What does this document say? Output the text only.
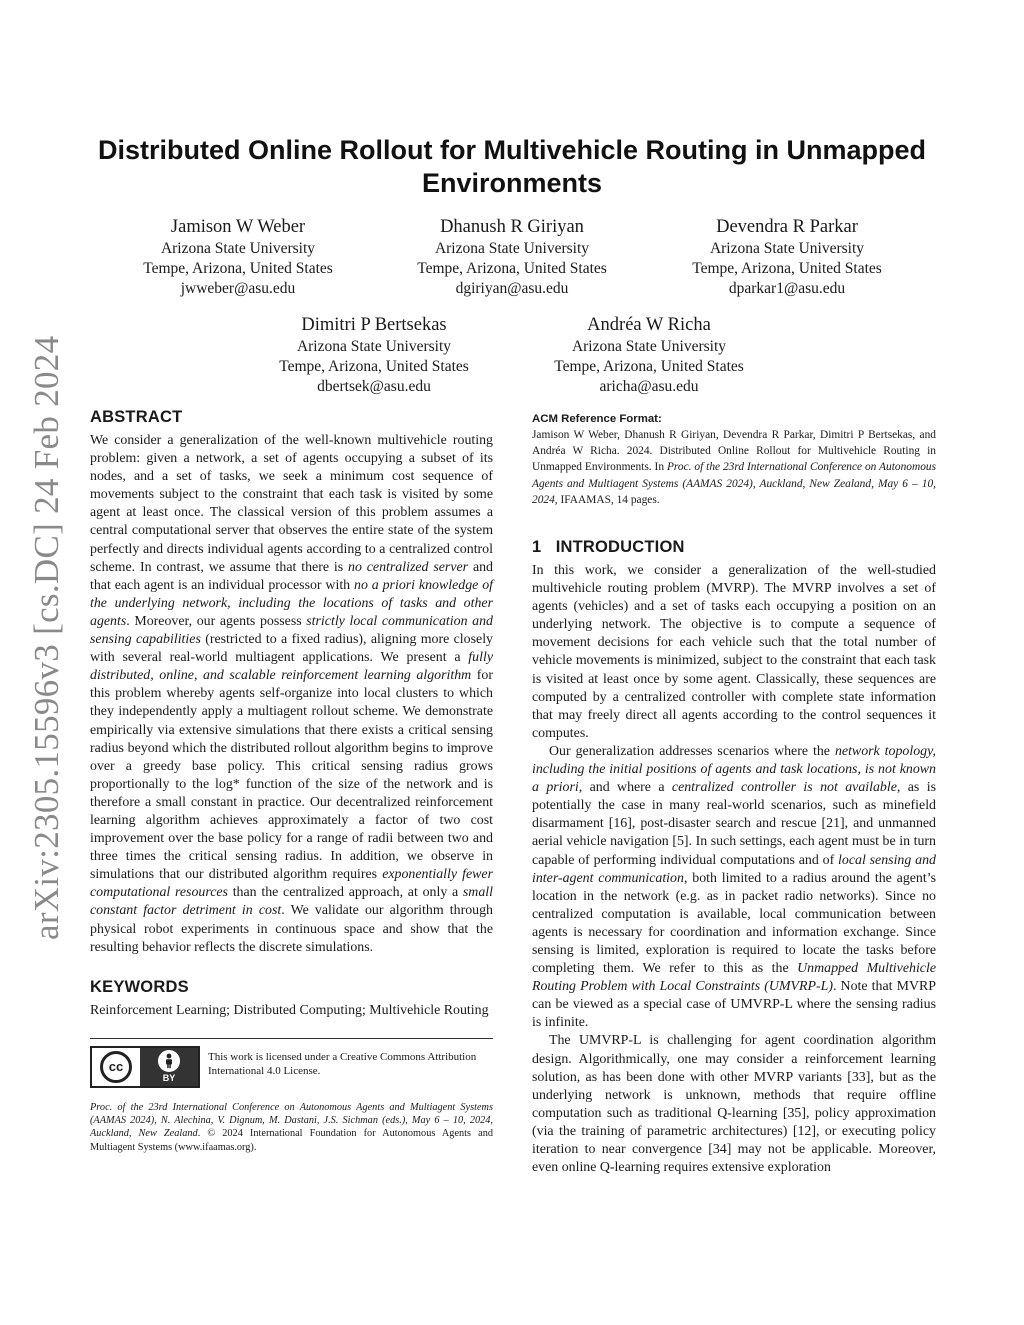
arXiv:2305.15596v3 [cs.DC] 24 Feb 2024
Distributed Online Rollout for Multivehicle Routing in Unmapped Environments
Jamison W Weber
Arizona State University
Tempe, Arizona, United States
jwweber@asu.edu
Dhanush R Giriyan
Arizona State University
Tempe, Arizona, United States
dgiriyan@asu.edu
Devendra R Parkar
Arizona State University
Tempe, Arizona, United States
dparkar1@asu.edu
Dimitri P Bertsekas
Arizona State University
Tempe, Arizona, United States
dbertsek@asu.edu
Andréa W Richa
Arizona State University
Tempe, Arizona, United States
aricha@asu.edu
ABSTRACT

We consider a generalization of the well-known multivehicle routing problem: given a network, a set of agents occupying a subset of its nodes, and a set of tasks, we seek a minimum cost sequence of movements subject to the constraint that each task is visited by some agent at least once. The classical version of this problem assumes a central computational server that observes the entire state of the system perfectly and directs individual agents according to a centralized control scheme. In contrast, we assume that there is no centralized server and that each agent is an individual processor with no a priori knowledge of the underlying network, including the locations of tasks and other agents. Moreover, our agents possess strictly local communication and sensing capabilities (restricted to a fixed radius), aligning more closely with several real-world multiagent applications. We present a fully distributed, online, and scalable reinforcement learning algorithm for this problem whereby agents self-organize into local clusters to which they independently apply a multiagent rollout scheme. We demonstrate empirically via extensive simulations that there exists a critical sensing radius beyond which the distributed rollout algorithm begins to improve over a greedy base policy. This critical sensing radius grows proportionally to the log* function of the size of the network and is therefore a small constant in practice. Our decentralized reinforcement learning algorithm achieves approximately a factor of two cost improvement over the base policy for a range of radii between two and three times the critical sensing radius. In addition, we observe in simulations that our distributed algorithm requires exponentially fewer computational resources than the centralized approach, at only a small constant factor detriment in cost. We validate our algorithm through physical robot experiments in continuous space and show that the resulting behavior reflects the discrete simulations.

KEYWORDS

Reinforcement Learning; Distributed Computing; Multivehicle Routing

cc
BY

This work is licensed under a Creative Commons Attribution International 4.0 License.

Proc. of the 23rd International Conference on Autonomous Agents and Multiagent Systems (AAMAS 2024), N. Alechina, V. Dignum, M. Dastani, J.S. Sichman (eds.), May 6 – 10, 2024, Auckland, New Zealand. © 2024 International Foundation for Autonomous Agents and Multiagent Systems (www.ifaamas.org).

ACM Reference Format:

Jamison W Weber, Dhanush R Giriyan, Devendra R Parkar, Dimitri P Bertsekas, and Andréa W Richa. 2024. Distributed Online Rollout for Multivehicle Routing in Unmapped Environments. In Proc. of the 23rd International Conference on Autonomous Agents and Multiagent Systems (AAMAS 2024), Auckland, New Zealand, May 6 – 10, 2024, IFAAMAS, 14 pages.

1   INTRODUCTION

In this work, we consider a generalization of the well-studied multivehicle routing problem (MVRP). The MVRP involves a set of agents (vehicles) and a set of tasks each occupying a position on an underlying network. The objective is to compute a sequence of movement decisions for each vehicle such that the total number of vehicle movements is minimized, subject to the constraint that each task is visited at least once by some agent. Classically, these sequences are computed by a centralized controller with complete state information that may freely direct all agents according to the control sequences it computes.

Our generalization addresses scenarios where the network topology, including the initial positions of agents and task locations, is not known a priori, and where a centralized controller is not available, as is potentially the case in many real-world scenarios, such as minefield disarmament [16], post-disaster search and rescue [21], and unmanned aerial vehicle navigation [5]. In such settings, each agent must be in turn capable of performing individual computations and of local sensing and inter-agent communication, both limited to a radius around the agent’s location in the network (e.g. as in packet radio networks). Since no centralized computation is available, local communication between agents is necessary for coordination and information exchange. Since sensing is limited, exploration is required to locate the tasks before completing them. We refer to this as the Unmapped Multivehicle Routing Problem with Local Constraints (UMVRP-L). Note that MVRP can be viewed as a special case of UMVRP-L where the sensing radius is infinite.

The UMVRP-L is challenging for agent coordination algorithm design. Algorithmically, one may consider a reinforcement learning solution, as has been done with other MVRP variants [33], but as the underlying network is unknown, methods that require offline computation such as traditional Q-learning [35], policy approximation (via the training of parametric architectures) [12], or executing policy iteration to near convergence [34] may not be applicable. Moreover, even online Q-learning requires extensive exploration
